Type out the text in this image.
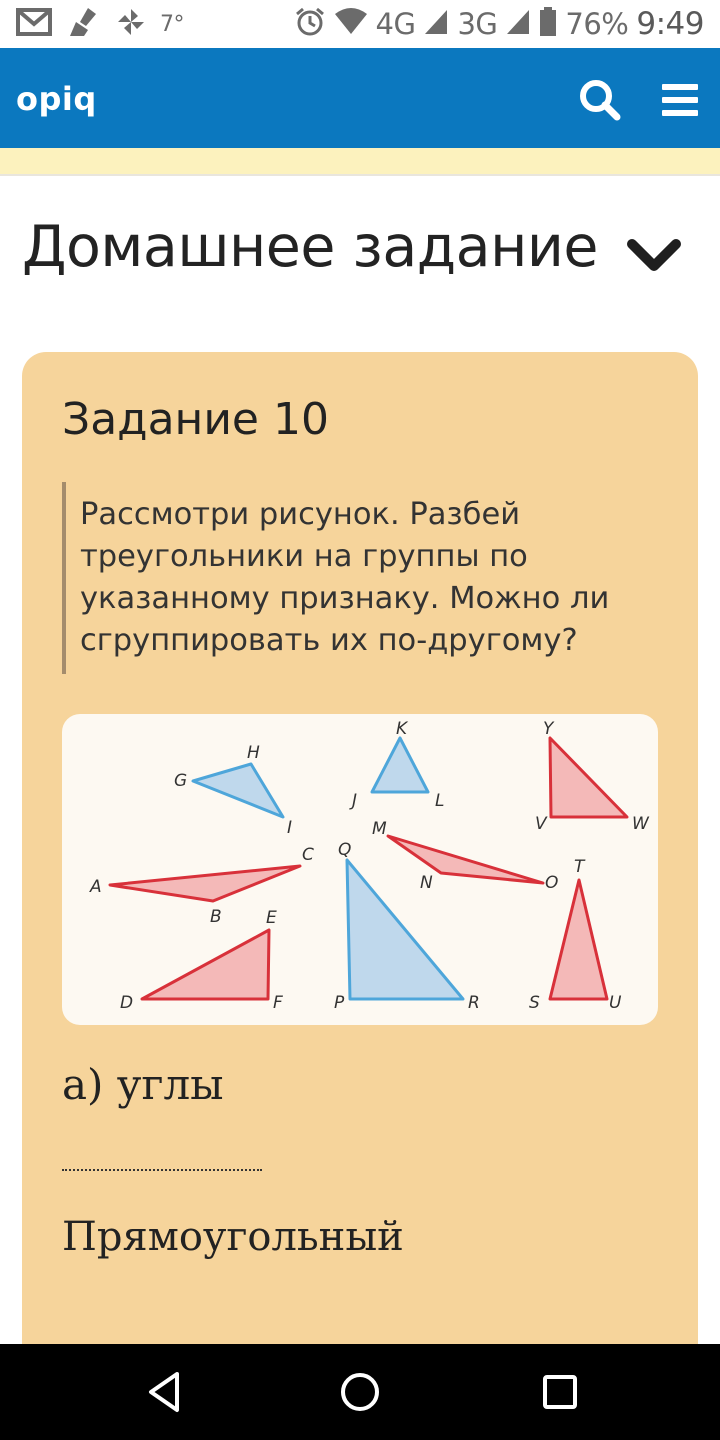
7°	4G 3G 76% 9:49
opiq
Домашнее задание
Задание 10
Рассмотри рисунок. Разбей треугольники на группы по указанному признаку. Можно ли сгруппировать их по-другому?
G
H
I
K
J	L
Y
V	W
A
B
C
M
N	O
Q
P	R
T
S	U
D
E
F
а) углы
Прямоугольный
